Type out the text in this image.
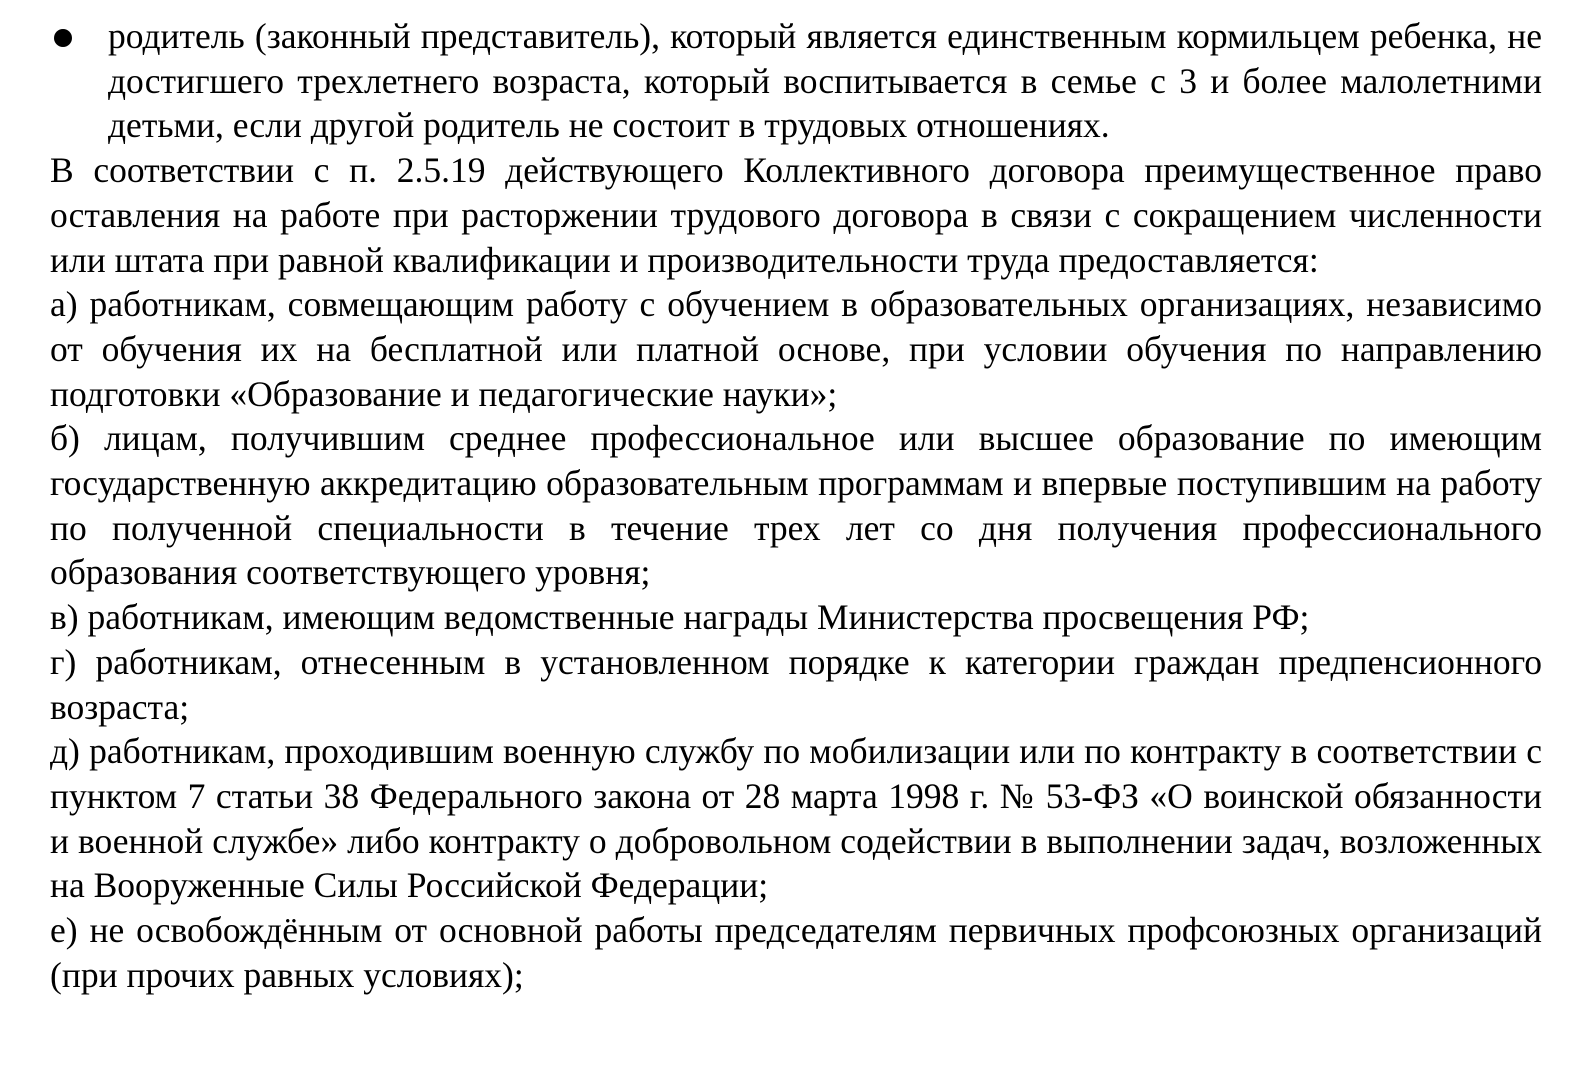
родитель (законный представитель), который является единственным кормильцем ребенка, не достигшего трехлетнего возраста, который воспитывается в семье с 3 и более малолетними детьми, если другой родитель не состоит в трудовых отношениях.

В соответствии с п. 2.5.19 действующего Коллективного договора преимущественное право оставления на работе при расторжении трудового договора в связи с сокращением численности или штата при равной квалификации и производительности труда предоставляется:

а) работникам, совмещающим работу с обучением в образовательных организациях, независимо от обучения их на бесплатной или платной основе, при условии обучения по направлению подготовки «Образование и педагогические науки»;

б) лицам, получившим среднее профессиональное или высшее образование по имеющим государственную аккредитацию образовательным программам и впервые поступившим на работу по полученной специальности в течение трех лет со дня получения профессионального образования соответствующего уровня;

в) работникам, имеющим ведомственные награды Министерства просвещения РФ;

г) работникам, отнесенным в установленном порядке к категории граждан предпенсионного возраста;

д) работникам, проходившим военную службу по мобилизации или по контракту в соответствии с пунктом 7 статьи 38 Федерального закона от 28 марта 1998 г. № 53-ФЗ «О воинской обязанности и военной службе» либо контракту о добровольном содействии в выполнении задач, возложенных на Вооруженные Силы Российской Федерации;

е) не освобождённым от основной работы председателям первичных профсоюзных организаций (при прочих равных условиях);
